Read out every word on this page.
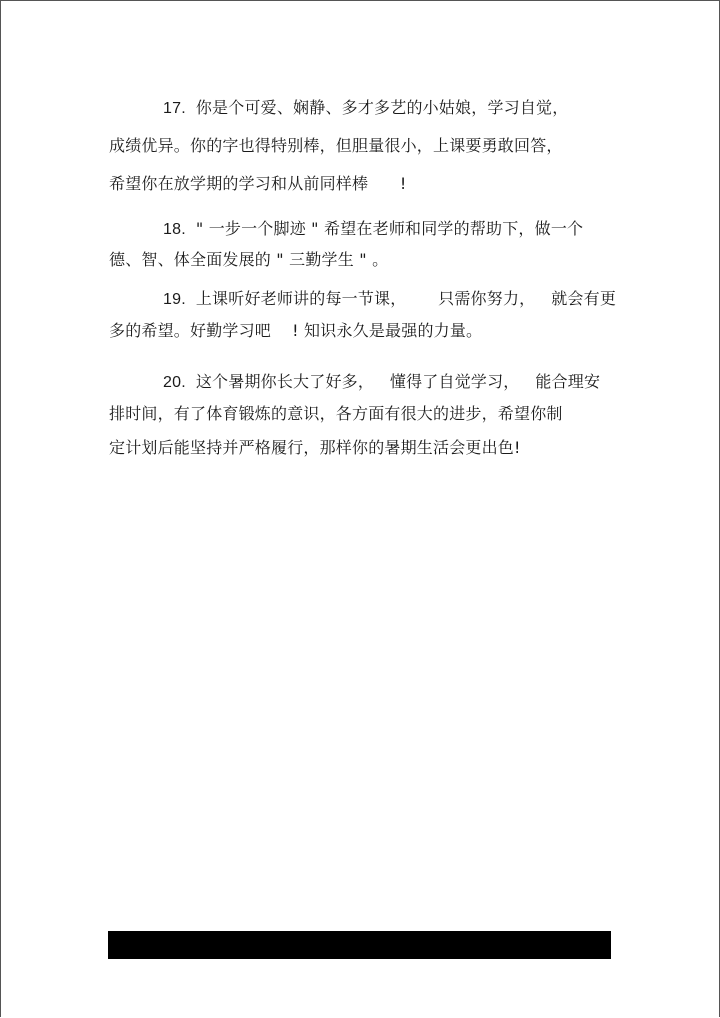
17. 你是个可爱、娴静、多才多艺的小姑娘，学习自觉，
成绩优异。你的字也得特别棒，但胆量很小，上课要勇敢回答，
希望你在放学期的学习和从前同样棒      !
18. " 一步一个脚迹 " 希望在老师和同学的帮助下，做一个
德、智、体全面发展的 " 三勤学生 " 。
19. 上课听好老师讲的每一节课，      只需你努力，   就会有更
多的希望。好勤学习吧    ! 知识永久是最强的力量。
20. 这个暑期你长大了好多，   懂得了自觉学习，   能合理安
排时间，有了体育锻炼的意识，各方面有很大的进步，希望你制
定计划后能坚持并严格履行，那样你的暑期生活会更出色!
